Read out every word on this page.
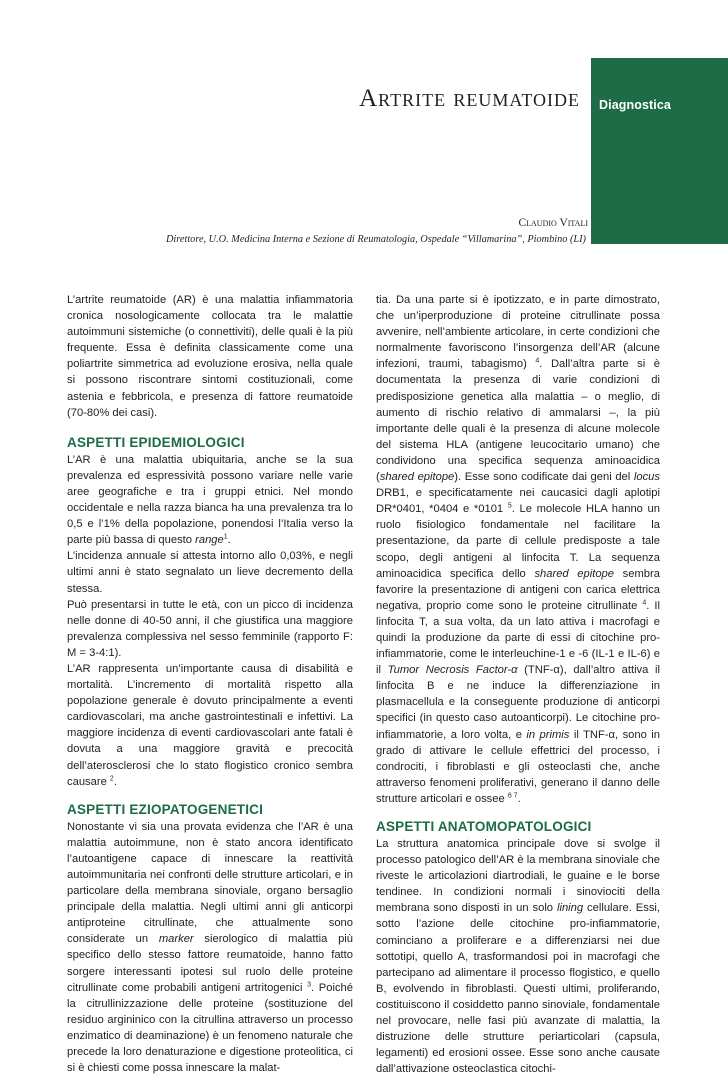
Diagnostica
Artrite reumatoide
Claudio Vitali
Direttore, U.O. Medicina Interna e Sezione di Reumatologia, Ospedale “Villamarina”, Piombino (LI)

L’artrite reumatoide (AR) è una malattia infiammatoria cronica nosologicamente collocata tra le malattie autoimmuni sistemiche (o connettiviti), delle quali è la più frequente. Essa è definita classicamente come una poliartrite simmetrica ad evoluzione erosiva, nella quale si possono riscontrare sintomi costituzionali, come astenia e febbricola, e presenza di fattore reumatoide (70-80% dei casi).

ASPETTI EPIDEMIOLOGICI

L’AR è una malattia ubiquitaria, anche se la sua prevalenza ed espressività possono variare nelle varie aree geografiche e tra i gruppi etnici. Nel mondo occidentale e nella razza bianca ha una prevalenza tra lo 0,5 e l’1% della popolazione, ponendosi l’Italia verso la parte più bassa di questo range$^1$.

L’incidenza annuale si attesta intorno allo 0,03%, e negli ultimi anni è stato segnalato un lieve decremento della stessa.

Può presentarsi in tutte le età, con un picco di incidenza nelle donne di 40-50 anni, il che giustifica una maggiore prevalenza complessiva nel sesso femminile (rapporto F: M = 3-4:1).

L’AR rappresenta un’importante causa di disabilità e mortalità. L’incremento di mortalità rispetto alla popolazione generale è dovuto principalmente a eventi cardiovascolari, ma anche gastrointestinali e infettivi. La maggiore incidenza di eventi cardiovascolari ante fatali è dovuta a una maggiore gravità e precocità dell’aterosclerosi che lo stato flogistico cronico sembra causare $^2$.

ASPETTI EZIOPATOGENETICI

Nonostante vi sia una provata evidenza che l’AR è una malattia autoimmune, non è stato ancora identificato l’autoantigene capace di innescare la reattività autoimmunitaria nei confronti delle strutture articolari, e in particolare della membrana sinoviale, organo bersaglio principale della malattia. Negli ultimi anni gli anticorpi antiproteine citrullinate, che attualmente sono considerate un marker sierologico di malattia più specifico dello stesso fattore reumatoide, hanno fatto sorgere interessanti ipotesi sul ruolo delle proteine citrullinate come probabili antigeni artritogenici $^3$. Poiché la citrullinizzazione delle proteine (sostituzione del residuo argininico con la citrullina attraverso un processo enzimatico di deaminazione) è un fenomeno naturale che precede la loro denaturazione e digestione proteolitica, ci si è chiesti come possa innescare la malat-

tia. Da una parte si è ipotizzato, e in parte dimostrato, che un’iperproduzione di proteine citrullinate possa avvenire, nell’ambiente articolare, in certe condizioni che normalmente favoriscono l’insorgenza dell’AR (alcune infezioni, traumi, tabagismo) $^4$. Dall’altra parte si è documentata la presenza di varie condizioni di predisposizione genetica alla malattia – o meglio, di aumento di rischio relativo di ammalarsi –, la più importante delle quali è la presenza di alcune molecole del sistema HLA (antigene leucocitario umano) che condividono una specifica sequenza aminoacidica (shared epitope). Esse sono codificate dai geni del locus DRB1, e specificatamente nei caucasici dagli aplotipi DR*0401, *0404 e *0101 $^5$. Le molecole HLA hanno un ruolo fisiologico fondamentale nel facilitare la presentazione, da parte di cellule predisposte a tale scopo, degli antigeni al linfocita T. La sequenza aminoacidica specifica dello shared epitope sembra favorire la presentazione di antigeni con carica elettrica negativa, proprio come sono le proteine citrullinate $^4$. Il linfocita T, a sua volta, da un lato attiva i macrofagi e quindi la produzione da parte di essi di citochine pro-infiammatorie, come le interleuchine-1 e -6 (IL-1 e IL-6) e il Tumor Necrosis Factor-α (TNF-α), dall’altro attiva il linfocita B e ne induce la differenziazione in plasmacellula e la conseguente produzione di anticorpi specifici (in questo caso autoanticorpi). Le citochine pro-infiammatorie, a loro volta, e in primis il TNF-α, sono in grado di attivare le cellule effettrici del processo, i condrociti, i fibroblasti e gli osteoclasti che, anche attraverso fenomeni proliferativi, generano il danno delle strutture articolari e ossee $^{6 7}$.

ASPETTI ANATOMOPATOLOGICI

La struttura anatomica principale dove si svolge il processo patologico dell’AR è la membrana sinoviale che riveste le articolazioni diartrodiali, le guaine e le borse tendinee. In condizioni normali i sinoviociti della membrana sono disposti in un solo lining cellulare. Essi, sotto l’azione delle citochine pro-infiammatorie, cominciano a proliferare e a differenziarsi nei due sottotipi, quello A, trasformandosi poi in macrofagi che partecipano ad alimentare il processo flogistico, e quello B, evolvendo in fibroblasti. Questi ultimi, proliferando, costituiscono il cosiddetto panno sinoviale, fondamentale nel provocare, nelle fasi più avanzate di malattia, la distruzione delle strutture periarticolari (capsula, legamenti) ed erosioni ossee. Esse sono anche causate dall’attivazione osteoclastica citochi-
